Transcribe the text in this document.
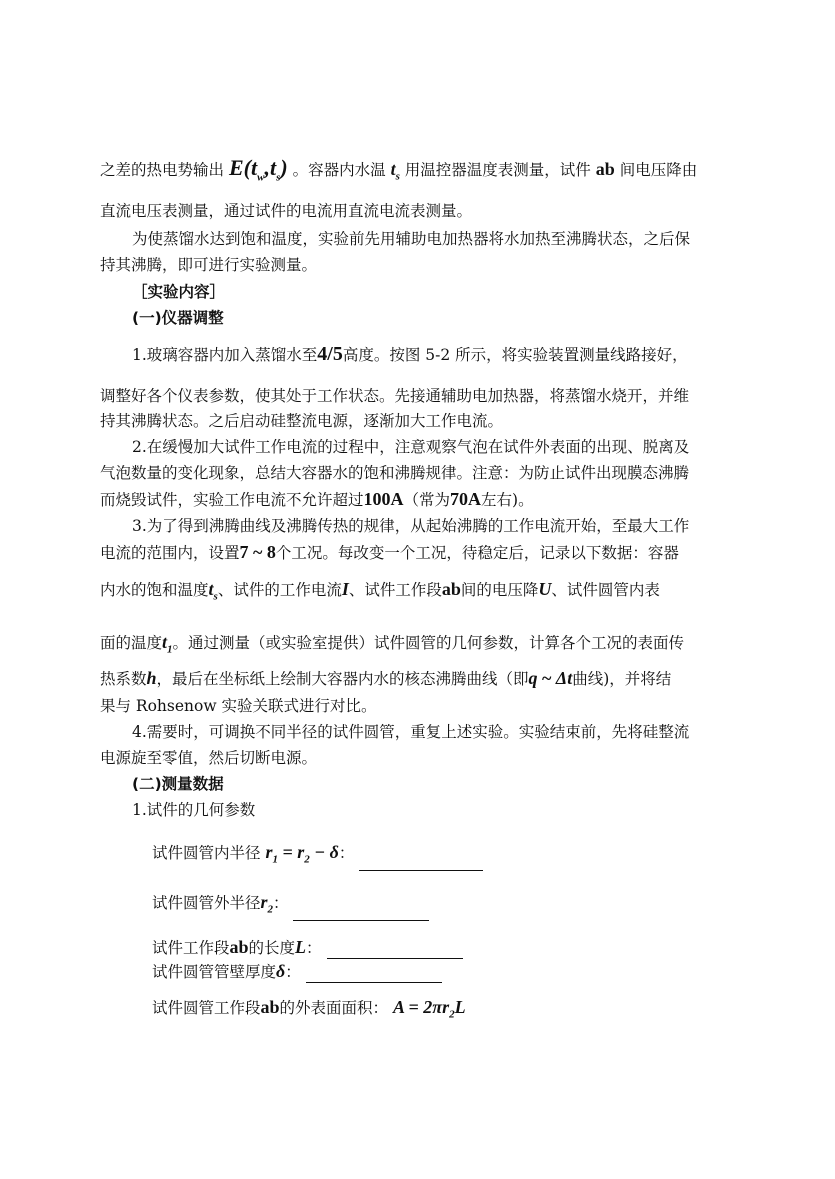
之差的热电势输出 $E(t_w,t_s)$ 。容器内水温 $t_s$ 用温控器温度表测量，试件 ab 间电压降由
直流电压表测量，通过试件的电流用直流电流表测量。
为使蒸馏水达到饱和温度，实验前先用辅助电加热器将水加热至沸腾状态，之后保
持其沸腾，即可进行实验测量。
［实验内容］
(一)仪器调整
1.玻璃容器内加入蒸馏水至4/5高度。按图 5-2 所示，将实验装置测量线路接好，
调整好各个仪表参数，使其处于工作状态。先接通辅助电加热器，将蒸馏水烧开，并维
持其沸腾状态。之后启动硅整流电源，逐渐加大工作电流。
2.在缓慢加大试件工作电流的过程中，注意观察气泡在试件外表面的出现、脱离及
气泡数量的变化现象，总结大容器水的饱和沸腾规律。注意：为防止试件出现膜态沸腾
而烧毁试件，实验工作电流不允许超过100A（常为70A左右)。
3.为了得到沸腾曲线及沸腾传热的规律，从起始沸腾的工作电流开始，至最大工作
电流的范围内，设置7 ~ 8个工况。每改变一个工况，待稳定后，记录以下数据：容器
内水的饱和温度$t_s$、试件的工作电流I、试件工作段ab间的电压降U、试件圆管内表
面的温度$t_1$。通过测量（或实验室提供）试件圆管的几何参数，计算各个工况的表面传
热系数h，最后在坐标纸上绘制大容器内水的核态沸腾曲线（即q ~ Δt曲线)，并将结
果与 Rohsenow 实验关联式进行对比。
4.需要时，可调换不同半径的试件圆管，重复上述实验。实验结束前，先将硅整流
电源旋至零值，然后切断电源。
(二)测量数据
1.试件的几何参数
试件圆管内半径 $r_1 = r_2 - \delta$：
试件圆管外半径$r_2$：
试件工作段ab的长度L：
试件圆管管壁厚度δ：
试件圆管工作段ab的外表面面积： $A = 2\pi r_2L$
